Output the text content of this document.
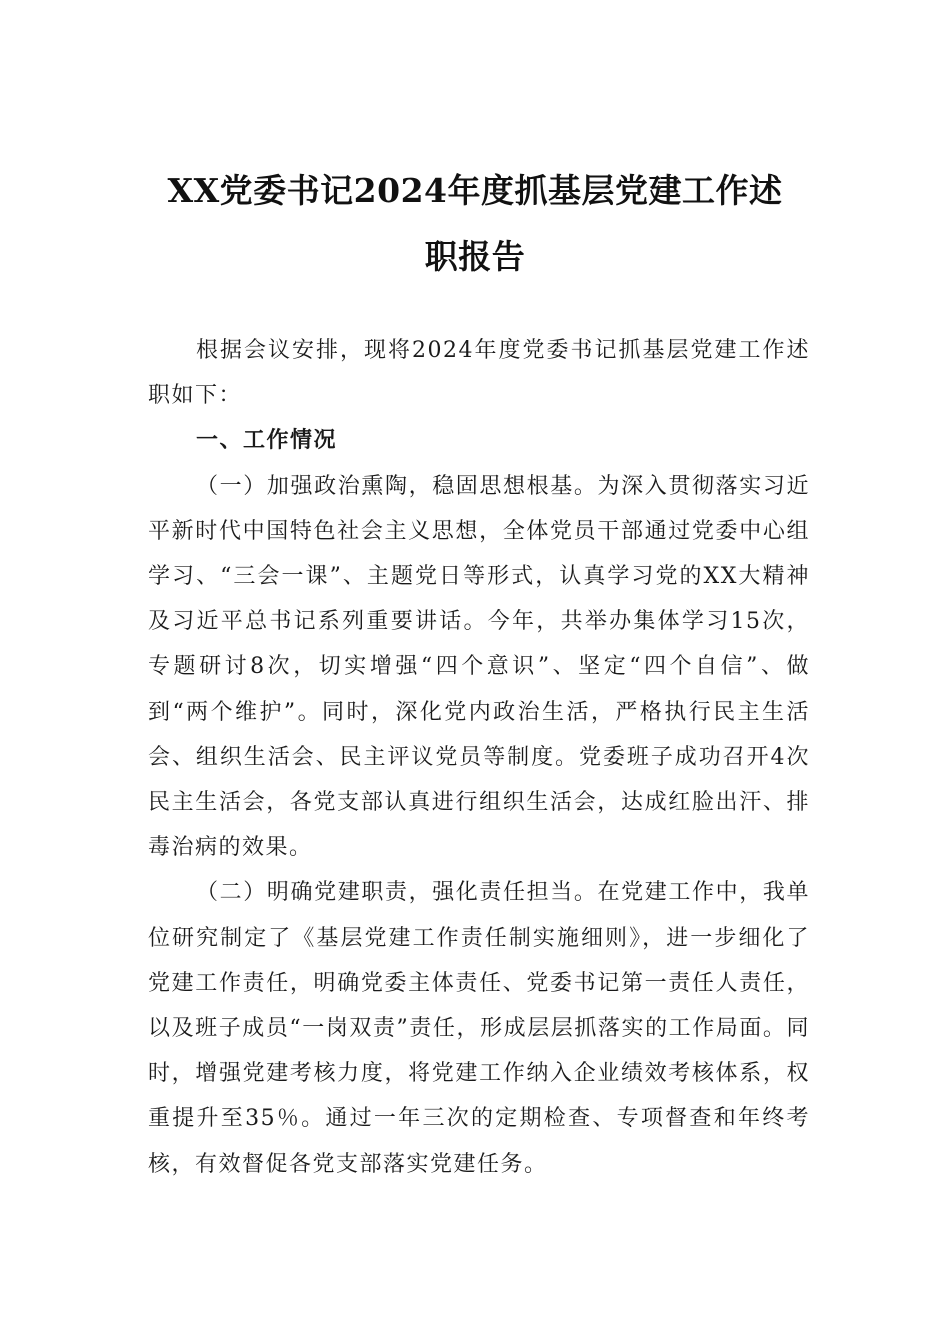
XX党委书记2024年度抓基层党建工作述
职报告

根据会议安排，现将2024年度党委书记抓基层党建工作述职如下：

一、工作情况

（一）加强政治熏陶，稳固思想根基。为深入贯彻落实习近平新时代中国特色社会主义思想，全体党员干部通过党委中心组学习、“三会一课”、主题党日等形式，认真学习党的XX大精神及习近平总书记系列重要讲话。今年，共举办集体学习15次，专题研讨8次，切实增强“四个意识”、坚定“四个自信”、做到“两个维护”。同时，深化党内政治生活，严格执行民主生活会、组织生活会、民主评议党员等制度。党委班子成功召开4次民主生活会，各党支部认真进行组织生活会，达成红脸出汗、排毒治病的效果。

（二）明确党建职责，强化责任担当。在党建工作中，我单位研究制定了《基层党建工作责任制实施细则》，进一步细化了党建工作责任，明确党委主体责任、党委书记第一责任人责任，以及班子成员“一岗双责”责任，形成层层抓落实的工作局面。同时，增强党建考核力度，将党建工作纳入企业绩效考核体系，权重提升至35％。通过一年三次的定期检查、专项督查和年终考核，有效督促各党支部落实党建任务。
